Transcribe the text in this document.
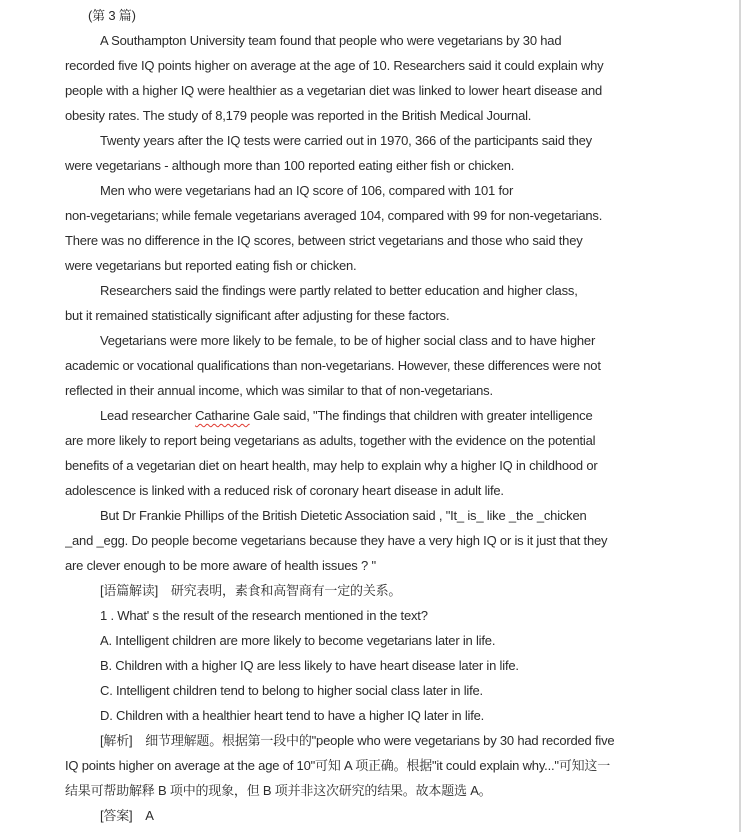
(第 3 篇)
A Southampton University team found that people who were vegetarians by 30 had
recorded five IQ points higher on average at the age of 10. Researchers said it could explain why
people with a higher IQ were healthier as a vegetarian diet was linked to lower heart disease and
obesity rates. The study of 8,179 people was reported in the British Medical Journal.
Twenty years after the IQ tests were carried out in 1970, 366 of the participants said they
were vegetarians - although more than 100 reported eating either fish or chicken.
Men who were vegetarians had an IQ score of 106, compared with 101 for
non-vegetarians; while female vegetarians averaged 104, compared with 99 for non-vegetarians.
There was no difference in the IQ scores, between strict vegetarians and those who said they
were vegetarians but reported eating fish or chicken.
Researchers said the findings were partly related to better education and higher class,
but it remained statistically significant after adjusting for these factors.
Vegetarians were more likely to be female, to be of higher social class and to have higher
academic or vocational qualifications than non-vegetarians. However, these differences were not
reflected in their annual income, which was similar to that of non-vegetarians.
Lead researcher Catharine Gale said, "The findings that children with greater intelligence
are more likely to report being vegetarians as adults, together with the evidence on the potential
benefits of a vegetarian diet on heart health, may help to explain why a higher IQ in childhood or
adolescence is linked with a reduced risk of coronary heart disease in adult life.
But Dr Frankie Phillips of the British Dietetic Association said , "It_ is_ like _the _chicken
_and _egg. Do people become vegetarians because they have a very high IQ or is it just that they
are clever enough to be more aware of health issues ? "
[语篇解读]　研究表明，素食和高智商有一定的关系。
1 . What' s the result of the research mentioned in the text?
A. Intelligent children are more likely to become vegetarians later in life.
B. Children with a higher IQ are less likely to have heart disease later in life.
C. Intelligent children tend to belong to higher social class later in life.
D. Children with a healthier heart tend to have a higher IQ later in life.
[解析]　细节理解题。根据第一段中的"people who were vegetarians by 30 had recorded five
IQ points higher on average at the age of 10"可知 A 项正确。根据"it could explain why..."可知这一
结果可帮助解释 B 项中的现象，但 B 项并非这次研究的结果。故本题选 A。
[答案]　A
